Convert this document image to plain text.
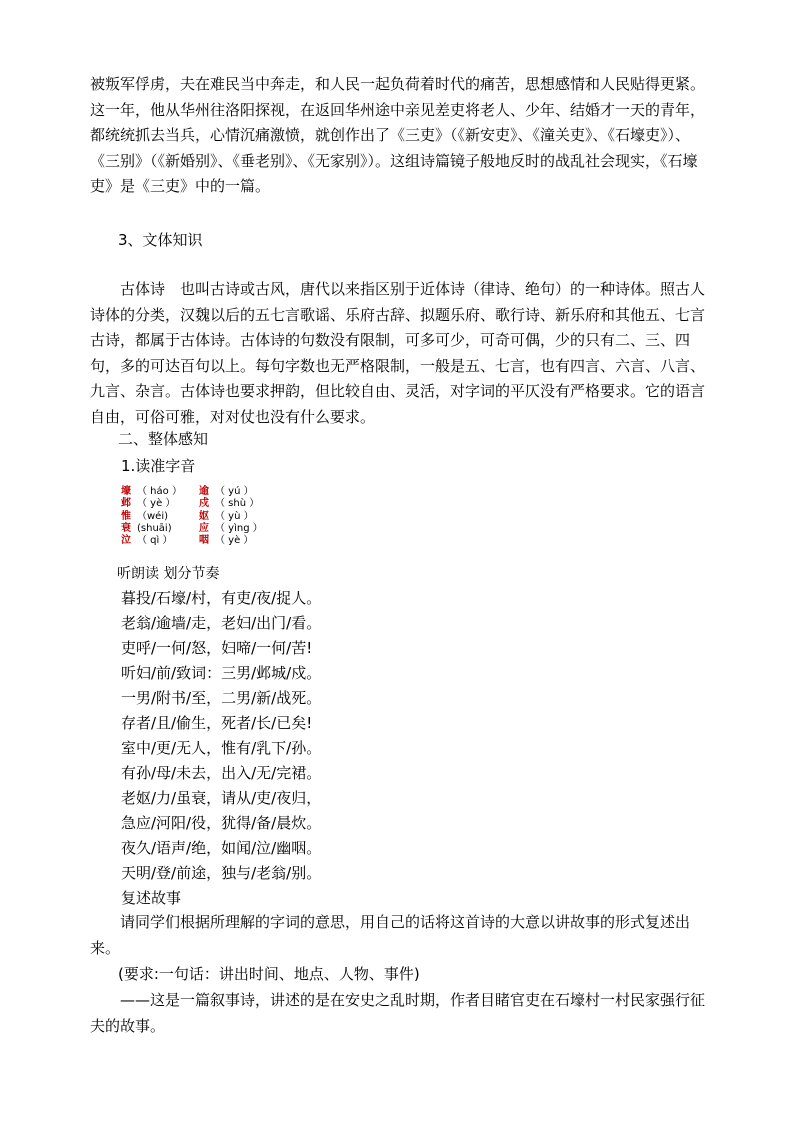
被叛军俘虏，夫在难民当中奔走，和人民一起负荷着时代的痛苦，思想感情和人民贴得更紧。这一年，他从华州往洛阳探视，在返回华州途中亲见差吏将老人、少年、结婚才一天的青年，都统统抓去当兵，心情沉痛激愤，就创作出了《三吏》（《新安吏》、《潼关吏》、《石壕吏》）、《三别》（《新婚别》、《垂老别》、《无家别》）。这组诗篇镜子般地反时的战乱社会现实，《石壕吏》是《三吏》中的一篇。

3、文体知识

古体诗　也叫古诗或古风，唐代以来指区别于近体诗（律诗、绝句）的一种诗体。照古人诗体的分类，汉魏以后的五七言歌谣、乐府古辞、拟题乐府、歌行诗、新乐府和其他五、七言古诗，都属于古体诗。古体诗的句数没有限制，可多可少，可奇可偶，少的只有二、三、四句，多的可达百句以上。每句字数也无严格限制，一般是五、七言，也有四言、六言、八言、九言、杂言。古体诗也要求押韵，但比较自由、灵活，对字词的平仄没有严格要求。它的语言自由，可俗可雅，对对仗也没有什么要求。

二、整体感知

1.读准字音

壕 （ háo ）
邺 （ yè ）
惟 （wéi)
衰 (shuāi)
泣 （ qì ）
逾 （ yú ）
戍 （ shù ）
妪 （ yù ）
应 （ yìng ）
咽 （ yè ）

听朗读 划分节奏

暮投/石壕/村，有吏/夜/捉人。
老翁/逾墙/走，老妇/出门/看。
吏呼/一何/怒，妇啼/一何/苦!
听妇/前/致词：三男/邺城/戍。
一男/附书/至，二男/新/战死。
存者/且/偷生，死者/长/已矣!
室中/更/无人，惟有/乳下/孙。
有孙/母/未去，出入/无/完裙。
老妪/力/虽衰，请从/吏/夜归，
急应/河阳/役，犹得/备/晨炊。
夜久/语声/绝，如闻/泣/幽咽。
天明/登/前途，独与/老翁/别。

复述故事

请同学们根据所理解的字词的意思，用自己的话将这首诗的大意以讲故事的形式复述出来。

(要求:一句话：讲出时间、地点、人物、事件)

——这是一篇叙事诗，讲述的是在安史之乱时期，作者目睹官吏在石壕村一村民家强行征夫的故事。
